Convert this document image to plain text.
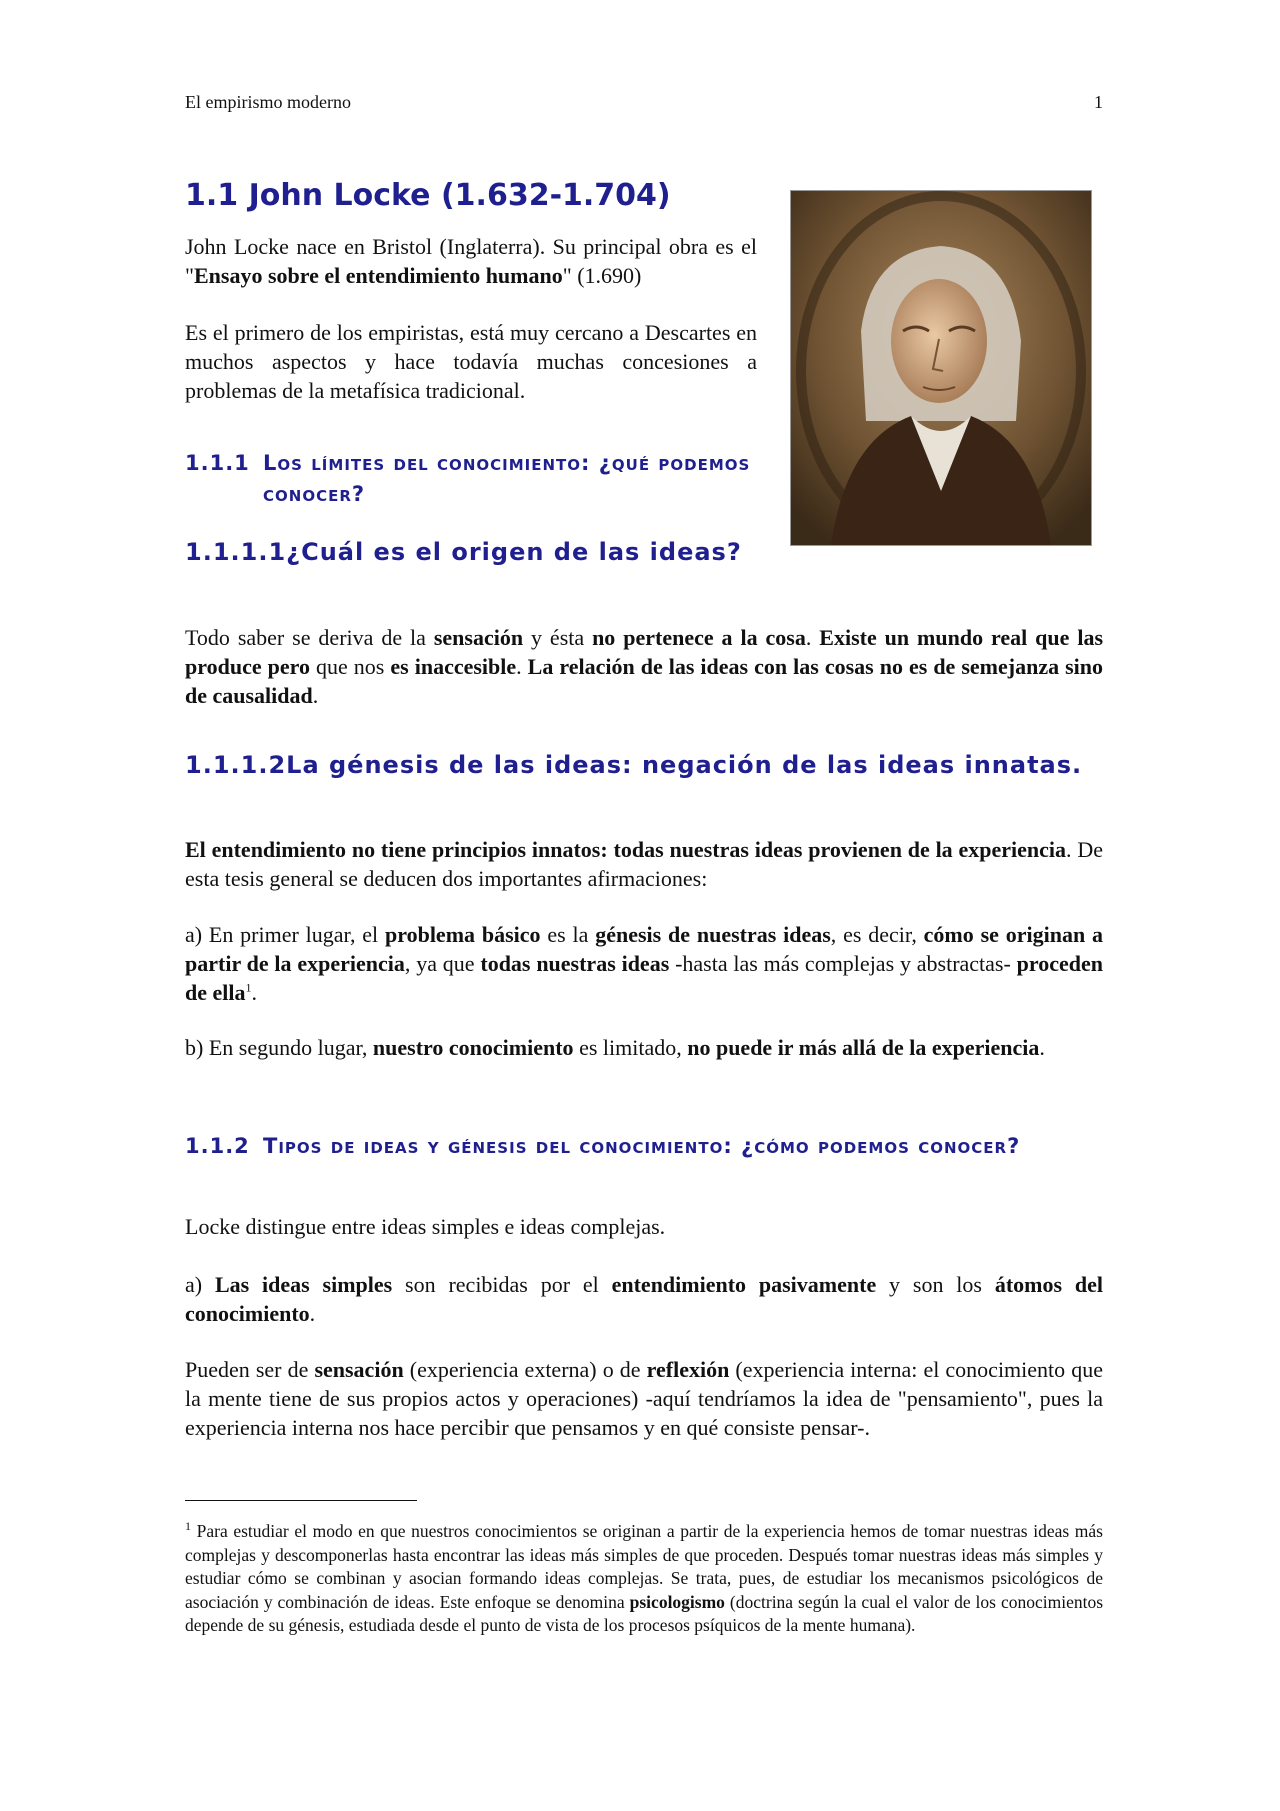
El empirismo moderno	1
1.1 John Locke (1.632-1.704)

John Locke nace en Bristol (Inglaterra). Su principal obra es el "Ensayo sobre el entendimiento humano" (1.690)

Es el primero de los empiristas, está muy cercano a Descartes en muchos aspectos y hace todavía muchas concesiones a problemas de la metafísica tradicional.

1.1.1 Los límites del conocimiento: ¿qué podemos conocer?
1.1.1.1 ¿Cuál es el origen de las ideas?

Todo saber se deriva de la sensación y ésta no pertenece a la cosa. Existe un mundo real que las produce pero que nos es inaccesible. La relación de las ideas con las cosas no es de semejanza sino de causalidad.

1.1.1.2 La génesis de las ideas: negación de las ideas innatas.

El entendimiento no tiene principios innatos: todas nuestras ideas provienen de la experiencia. De esta tesis general se deducen dos importantes afirmaciones:

a) En primer lugar, el problema básico es la génesis de nuestras ideas, es decir, cómo se originan a partir de la experiencia, ya que todas nuestras ideas -hasta las más complejas y abstractas- proceden de ella$^1$.

b) En segundo lugar, nuestro conocimiento es limitado, no puede ir más allá de la experiencia.

1.1.2 Tipos de ideas y génesis del conocimiento: ¿cómo podemos conocer?

Locke distingue entre ideas simples e ideas complejas.

a) Las ideas simples son recibidas por el entendimiento pasivamente y son los átomos del conocimiento.

Pueden ser de sensación (experiencia externa) o de reflexión (experiencia interna: el conocimiento que la mente tiene de sus propios actos y operaciones) -aquí tendríamos la idea de "pensamiento", pues la experiencia interna nos hace percibir que pensamos y en qué consiste pensar-.

$^1$ Para estudiar el modo en que nuestros conocimientos se originan a partir de la experiencia hemos de tomar nuestras ideas más complejas y descomponerlas hasta encontrar las ideas más simples de que proceden. Después tomar nuestras ideas más simples y estudiar cómo se combinan y asocian formando ideas complejas. Se trata, pues, de estudiar los mecanismos psicológicos de asociación y combinación de ideas. Este enfoque se denomina psicologismo (doctrina según la cual el valor de los conocimientos depende de su génesis, estudiada desde el punto de vista de los procesos psíquicos de la mente humana).
